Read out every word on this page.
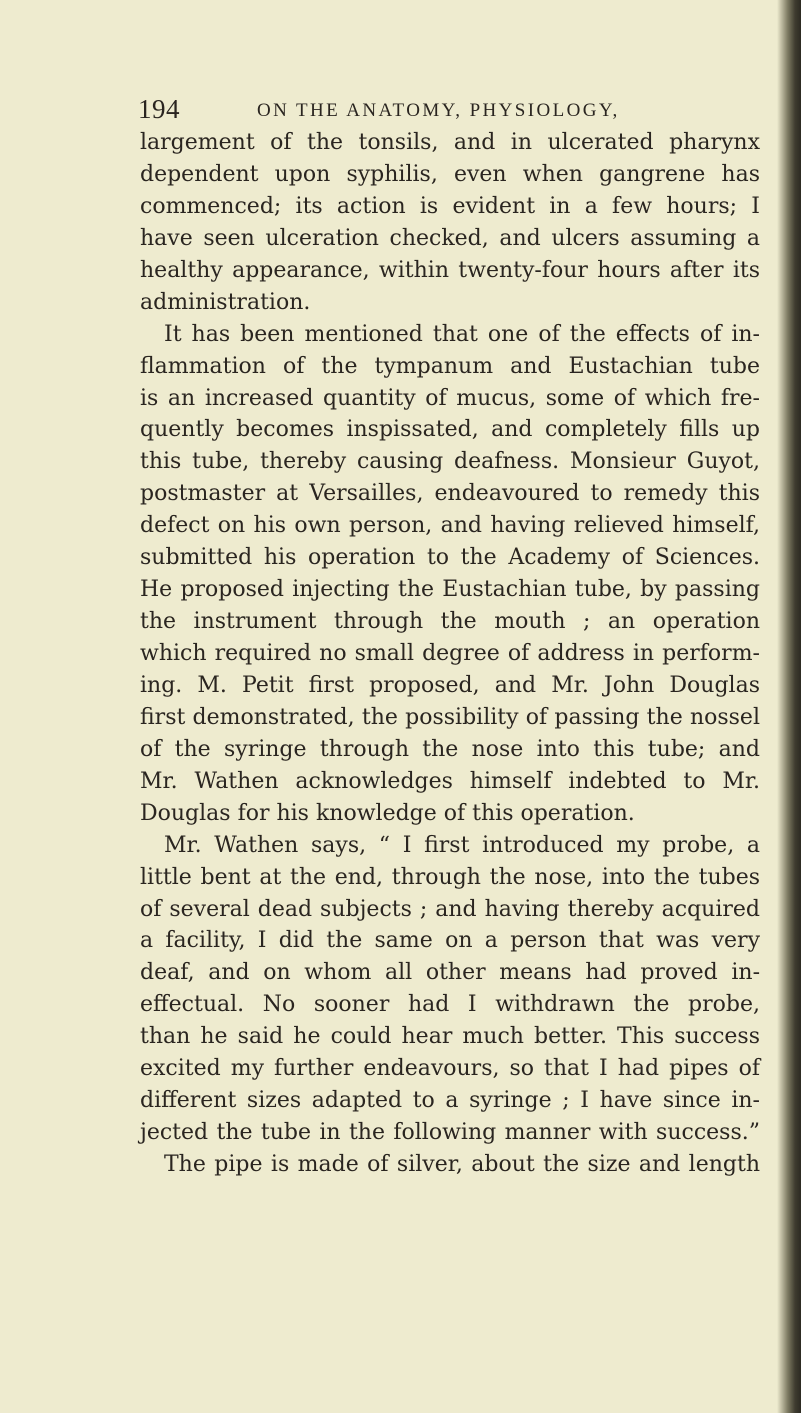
194	ON THE ANATOMY, PHYSIOLOGY,
largement of the tonsils, and in ulcerated pharynx
dependent upon syphilis, even when gangrene has
commenced; its action is evident in a few hours; I
have seen ulceration checked, and ulcers assuming a
healthy appearance, within twenty-four hours after its
administration.
It has been mentioned that one of the effects of in-
flammation of the tympanum and Eustachian tube
is an increased quantity of mucus, some of which fre-
quently becomes inspissated, and completely fills up
this tube, thereby causing deafness. Monsieur Guyot,
postmaster at Versailles, endeavoured to remedy this
defect on his own person, and having relieved himself,
submitted his operation to the Academy of Sciences.
He proposed injecting the Eustachian tube, by passing
the instrument through the mouth ; an operation
which required no small degree of address in perform-
ing. M. Petit first proposed, and Mr. John Douglas
first demonstrated, the possibility of passing the nossel
of the syringe through the nose into this tube; and
Mr. Wathen acknowledges himself indebted to Mr.
Douglas for his knowledge of this operation.
Mr. Wathen says, “ I first introduced my probe, a
little bent at the end, through the nose, into the tubes
of several dead subjects ; and having thereby acquired
a facility, I did the same on a person that was very
deaf, and on whom all other means had proved in-
effectual. No sooner had I withdrawn the probe,
than he said he could hear much better. This success
excited my further endeavours, so that I had pipes of
different sizes adapted to a syringe ; I have since in-
jected the tube in the following manner with success.”
The pipe is made of silver, about the size and length
